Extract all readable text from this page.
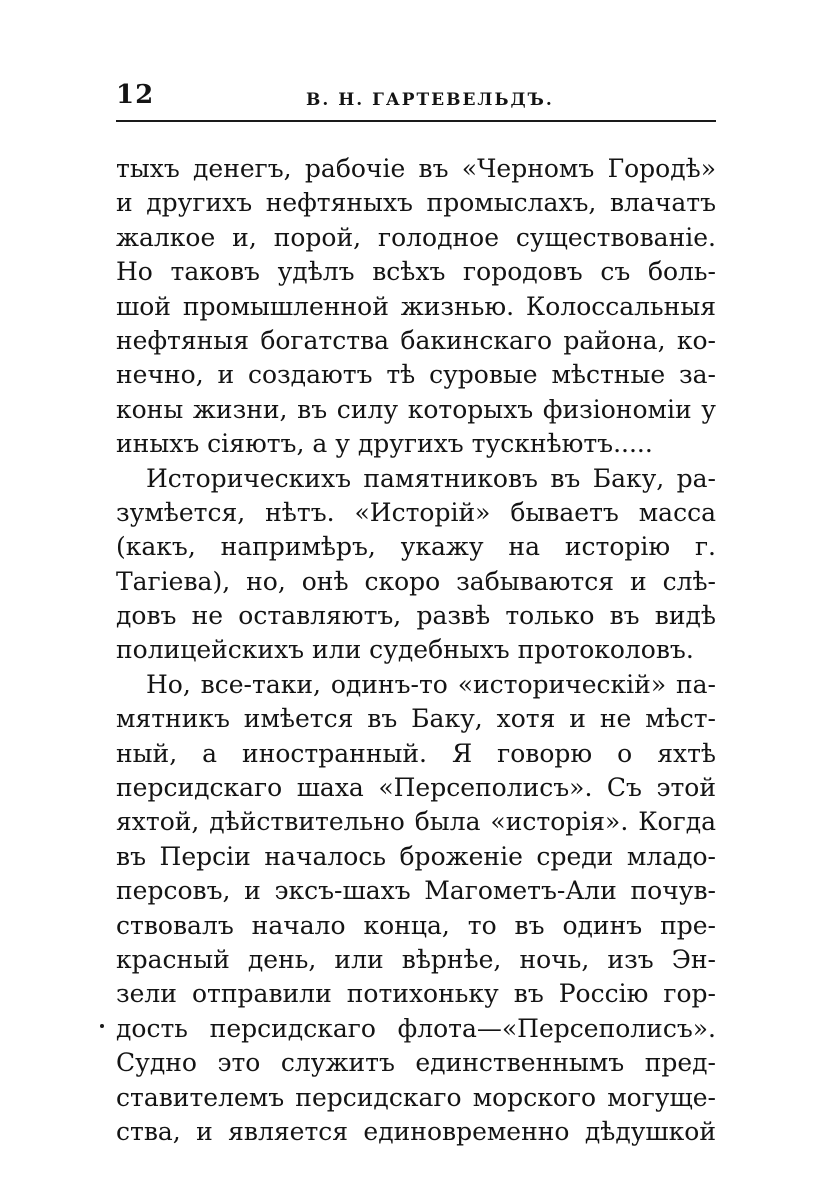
12	В. Н. ГАРТЕВЕЛЬДЪ.
тыхъ денегъ, рабочіе въ «Черномъ Городѣ»
и другихъ нефтяныхъ промыслахъ, влачатъ
жалкое и, порой, голодное существованіе.
Но таковъ удѣлъ всѣхъ городовъ съ боль-
шой промышленной жизнью. Колоссальныя
нефтяныя богатства бакинскаго района, ко-
нечно, и создаютъ тѣ суровые мѣстные за-
коны жизни, въ силу которыхъ физіономіи у
иныхъ сіяютъ, а у другихъ тускнѣютъ.....
Историческихъ памятниковъ въ Баку, ра-
зумѣется, нѣтъ. «Исторій» бываетъ масса
(какъ, напримѣръ, укажу на исторію г.
Тагіева), но, онѣ скоро забываются и слѣ-
довъ не оставляютъ, развѣ только въ видѣ
полицейскихъ или судебныхъ протоколовъ.
Но, все-таки, одинъ-то «историческій» па-
мятникъ имѣется въ Баку, хотя и не мѣст-
ный, а иностранный. Я говорю о яхтѣ
персидскаго шаха «Персеполисъ». Съ этой
яхтой, дѣйствительно была «исторія». Когда
въ Персіи началось броженіе среди младо-
персовъ, и эксъ-шахъ Магометъ-Али почув-
ствовалъ начало конца, то въ одинъ пре-
красный день, или вѣрнѣе, ночь, изъ Эн-
зели отправили потихоньку въ Россію гор-
дость персидскаго флота—«Персеполисъ».
Судно это служитъ единственнымъ пред-
ставителемъ персидскаго морского могуще-
ства, и является единовременно дѣдушкой
